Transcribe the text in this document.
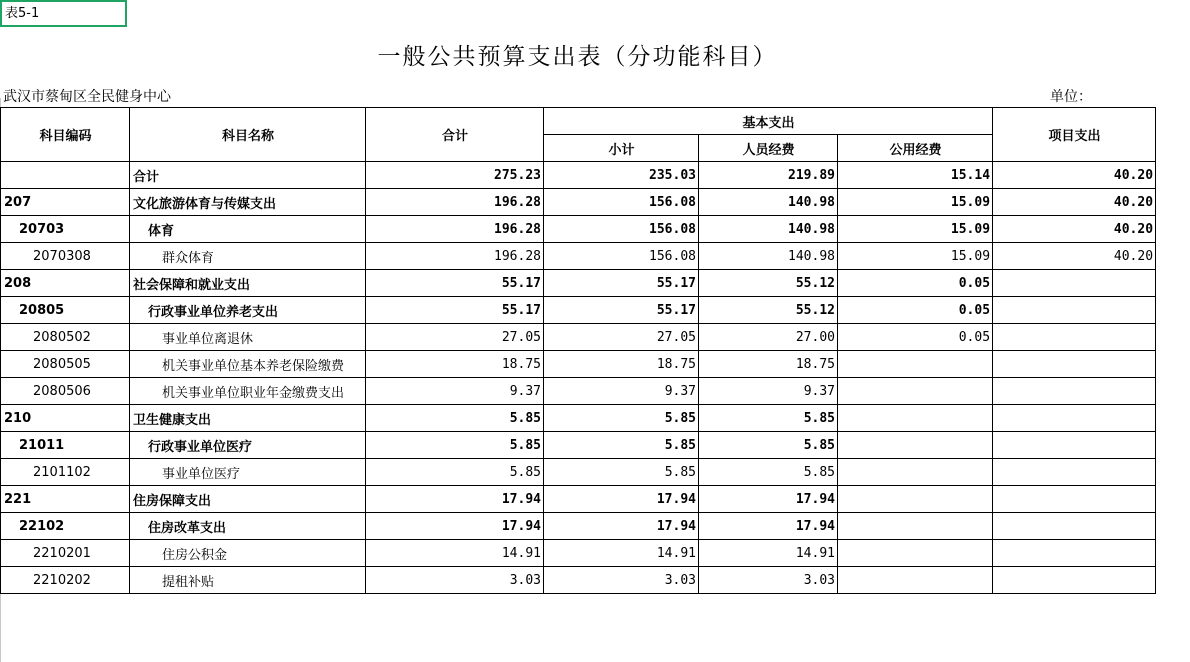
表5-1
一般公共预算支出表（分功能科目）
武汉市蔡甸区全民健身中心	单位：
科目编码	科目名称	合计	基本支出			项目支出
			小计	人员经费	公用经费	
	合计	275.23	235.03	219.89	15.14	40.20
207	文化旅游体育与传媒支出	196.28	156.08	140.98	15.09	40.20
20703	体育	196.28	156.08	140.98	15.09	40.20
2070308	群众体育	196.28	156.08	140.98	15.09	40.20
208	社会保障和就业支出	55.17	55.17	55.12	0.05	
20805	行政事业单位养老支出	55.17	55.17	55.12	0.05	
2080502	事业单位离退休	27.05	27.05	27.00	0.05	
2080505	机关事业单位基本养老保险缴费	18.75	18.75	18.75		
2080506	机关事业单位职业年金缴费支出	9.37	9.37	9.37		
210	卫生健康支出	5.85	5.85	5.85		
21011	行政事业单位医疗	5.85	5.85	5.85		
2101102	事业单位医疗	5.85	5.85	5.85		
221	住房保障支出	17.94	17.94	17.94		
22102	住房改革支出	17.94	17.94	17.94		
2210201	住房公积金	14.91	14.91	14.91		
2210202	提租补贴	3.03	3.03	3.03		
